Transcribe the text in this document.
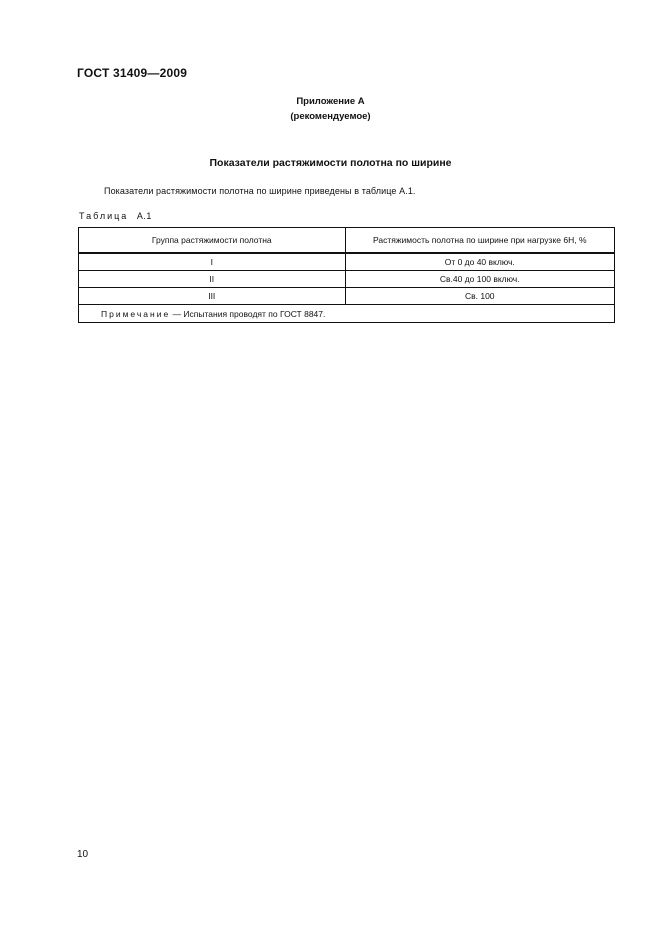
ГОСТ 31409—2009
Приложение А
(рекомендуемое)
Показатели растяжимости полотна по ширине
Показатели растяжимости полотна по ширине приведены в таблице А.1.
Таблица А.1
Группа растяжимости полотна	Растяжимость полотна по ширине при нагрузке 6Н, %
I	От 0 до 40 включ.
II	Св.40 до 100 включ.
III	Св. 100
Примечание — Испытания проводят по ГОСТ 8847.	
10
